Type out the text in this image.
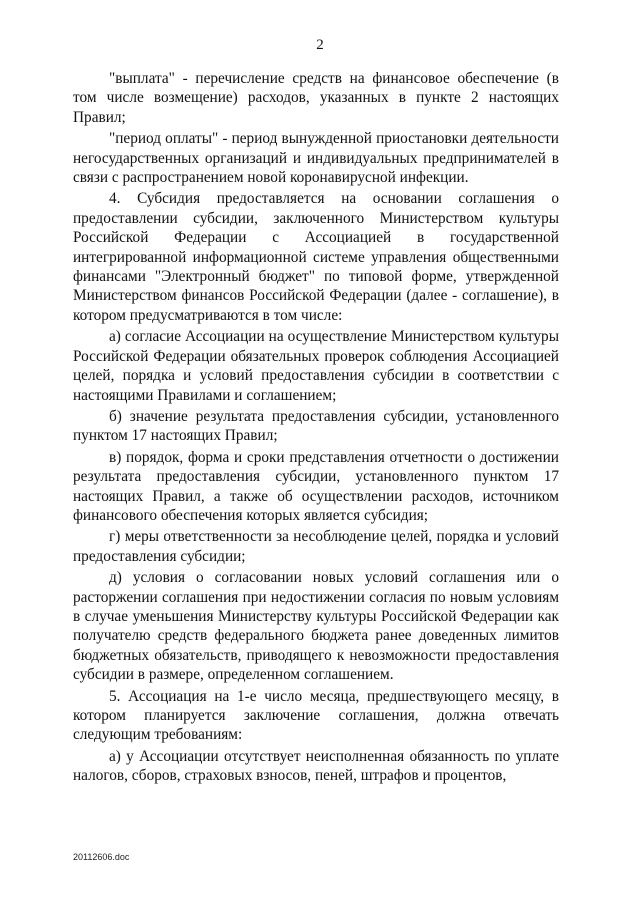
2

"выплата" - перечисление средств на финансовое обеспечение (в том числе возмещение) расходов, указанных в пункте 2 настоящих Правил;

"период оплаты" - период вынужденной приостановки деятельности негосударственных организаций и индивидуальных предпринимателей в связи с распространением новой коронавирусной инфекции.

4. Субсидия предоставляется на основании соглашения о предоставлении субсидии, заключенного Министерством культуры Российской Федерации с Ассоциацией в государственной интегрированной информационной системе управления общественными финансами "Электронный бюджет" по типовой форме, утвержденной Министерством финансов Российской Федерации (далее - соглашение), в котором предусматриваются в том числе:

а) согласие Ассоциации на осуществление Министерством культуры Российской Федерации обязательных проверок соблюдения Ассоциацией целей, порядка и условий предоставления субсидии в соответствии с настоящими Правилами и соглашением;

б) значение результата предоставления субсидии, установленного пунктом 17 настоящих Правил;

в) порядок, форма и сроки представления отчетности о достижении результата предоставления субсидии, установленного пунктом 17 настоящих Правил, а также об осуществлении расходов, источником финансового обеспечения которых является субсидия;

г) меры ответственности за несоблюдение целей, порядка и условий предоставления субсидии;

д) условия о согласовании новых условий соглашения или о расторжении соглашения при недостижении согласия по новым условиям в случае уменьшения Министерству культуры Российской Федерации как получателю средств федерального бюджета ранее доведенных лимитов бюджетных обязательств, приводящего к невозможности предоставления субсидии в размере, определенном соглашением.

5. Ассоциация на 1-е число месяца, предшествующего месяцу, в котором планируется заключение соглашения, должна отвечать следующим требованиям:

а) у Ассоциации отсутствует неисполненная обязанность по уплате налогов, сборов, страховых взносов, пеней, штрафов и процентов,

20112606.doc
